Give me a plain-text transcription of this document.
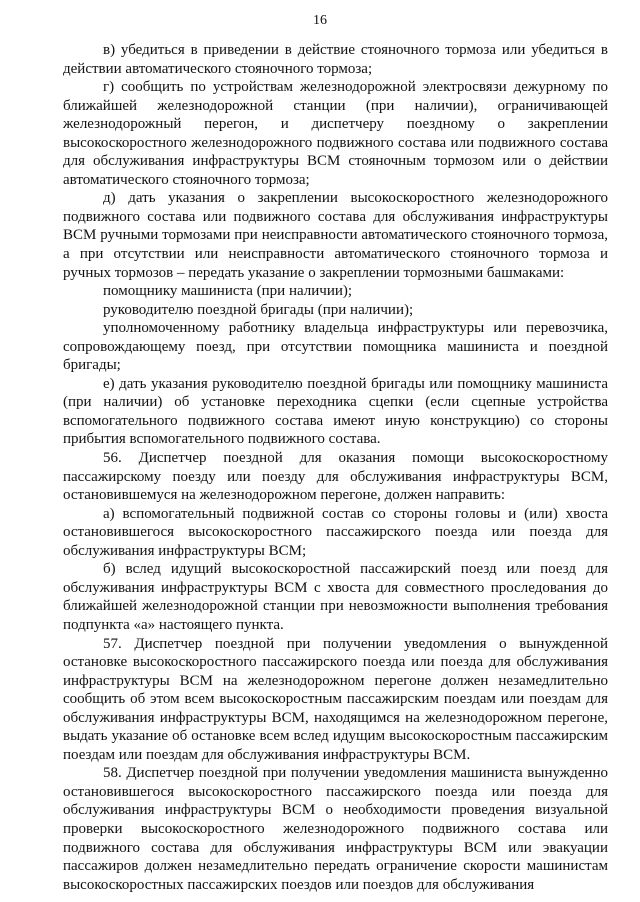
16

в) убедиться в приведении в действие стояночного тормоза или убедиться в действии автоматического стояночного тормоза;

г) сообщить по устройствам железнодорожной электросвязи дежурному по ближайшей железнодорожной станции (при наличии), ограничивающей железнодорожный перегон, и диспетчеру поездному о закреплении высокоскоростного железнодорожного подвижного состава или подвижного состава для обслуживания инфраструктуры ВСМ стояночным тормозом или о действии автоматического стояночного тормоза;

д) дать указания о закреплении высокоскоростного железнодорожного подвижного состава или подвижного состава для обслуживания инфраструктуры ВСМ ручными тормозами при неисправности автоматического стояночного тормоза, а при отсутствии или неисправности автоматического стояночного тормоза и ручных тормозов – передать указание о закреплении тормозными башмаками:

помощнику машиниста (при наличии);

руководителю поездной бригады (при наличии);

уполномоченному работнику владельца инфраструктуры или перевозчика, сопровождающему поезд, при отсутствии помощника машиниста и поездной бригады;

е) дать указания руководителю поездной бригады или помощнику машиниста (при наличии) об установке переходника сцепки (если сцепные устройства вспомогательного подвижного состава имеют иную конструкцию) со стороны прибытия вспомогательного подвижного состава.

56. Диспетчер поездной для оказания помощи высокоскоростному пассажирскому поезду или поезду для обслуживания инфраструктуры ВСМ, остановившемуся на железнодорожном перегоне, должен направить:

а) вспомогательный подвижной состав со стороны головы и (или) хвоста остановившегося высокоскоростного пассажирского поезда или поезда для обслуживания инфраструктуры ВСМ;

б) вслед идущий высокоскоростной пассажирский поезд или поезд для обслуживания инфраструктуры ВСМ с хвоста для совместного проследования до ближайшей железнодорожной станции при невозможности выполнения требования подпункта «а» настоящего пункта.

57. Диспетчер поездной при получении уведомления о вынужденной остановке высокоскоростного пассажирского поезда или поезда для обслуживания инфраструктуры ВСМ на железнодорожном перегоне должен незамедлительно сообщить об этом всем высокоскоростным пассажирским поездам или поездам для обслуживания инфраструктуры ВСМ, находящимся на железнодорожном перегоне, выдать указание об остановке всем вслед идущим высокоскоростным пассажирским поездам или поездам для обслуживания инфраструктуры ВСМ.

58. Диспетчер поездной при получении уведомления машиниста вынужденно остановившегося высокоскоростного пассажирского поезда или поезда для обслуживания инфраструктуры ВСМ о необходимости проведения визуальной проверки высокоскоростного железнодорожного подвижного состава или подвижного состава для обслуживания инфраструктуры ВСМ или эвакуации пассажиров должен незамедлительно передать ограничение скорости машинистам высокоскоростных пассажирских поездов или поездов для обслуживания
